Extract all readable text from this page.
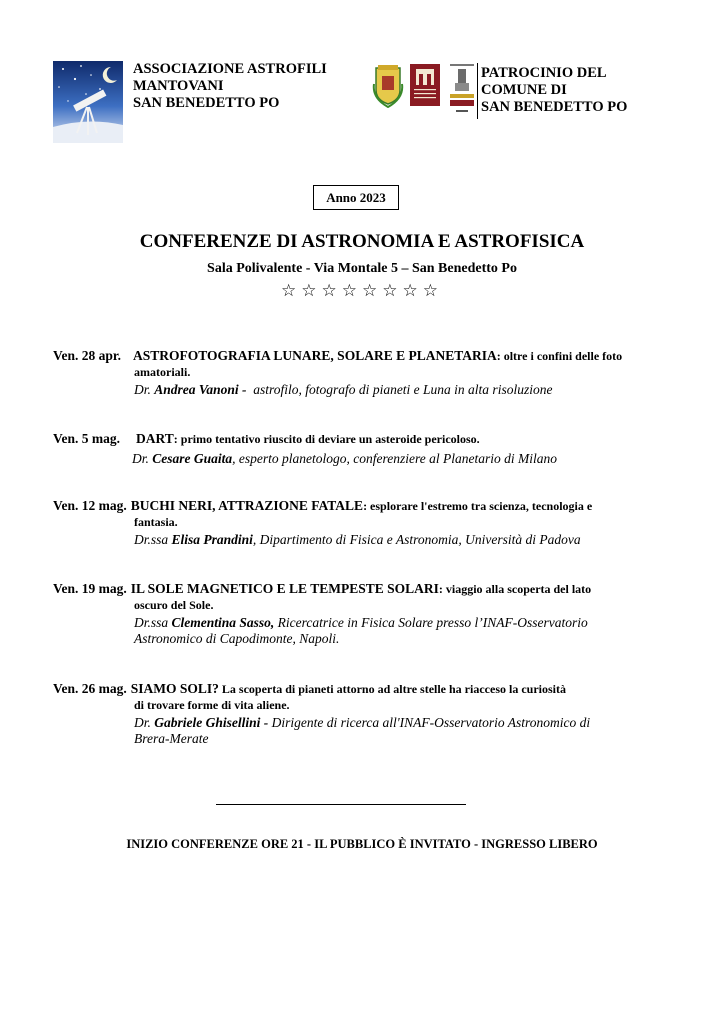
ASSOCIAZIONE ASTROFILI
MANTOVANI
SAN BENEDETTO PO
PATROCINIO DEL
COMUNE DI
SAN BENEDETTO PO
Anno 2023
CONFERENZE DI ASTRONOMIA E ASTROFISICA
Sala Polivalente - Via Montale 5 – San Benedetto Po
☆☆☆☆☆☆☆☆
Ven. 28 apr. ASTROFOTOGRAFIA LUNARE, SOLARE E PLANETARIA: oltre i confini delle foto
amatoriali.
Dr. Andrea Vanoni -  astrofilo, fotografo di pianeti e Luna in alta risoluzione
Ven. 5 mag. DART: primo tentativo riuscito di deviare un asteroide pericoloso.
Dr. Cesare Guaita, esperto planetologo, conferenziere al Planetario di Milano
Ven. 12 mag. BUCHI NERI, ATTRAZIONE FATALE: esplorare l'estremo tra scienza, tecnologia e
fantasia.
Dr.ssa Elisa Prandini, Dipartimento di Fisica e Astronomia, Università di Padova
Ven. 19 mag. IL SOLE MAGNETICO E LE TEMPESTE SOLARI: viaggio alla scoperta del lato
oscuro del Sole.
Dr.ssa Clementina Sasso, Ricercatrice in Fisica Solare presso l’INAF-Osservatorio
Astronomico di Capodimonte, Napoli.
Ven. 26 mag. SIAMO SOLI? La scoperta di pianeti attorno ad altre stelle ha riacceso la curiosità
di trovare forme di vita aliene.
Dr. Gabriele Ghisellini - Dirigente di ricerca all'INAF-Osservatorio Astronomico di
Brera-Merate
INIZIO CONFERENZE ORE 21 - IL PUBBLICO È INVITATO - INGRESSO LIBERO
